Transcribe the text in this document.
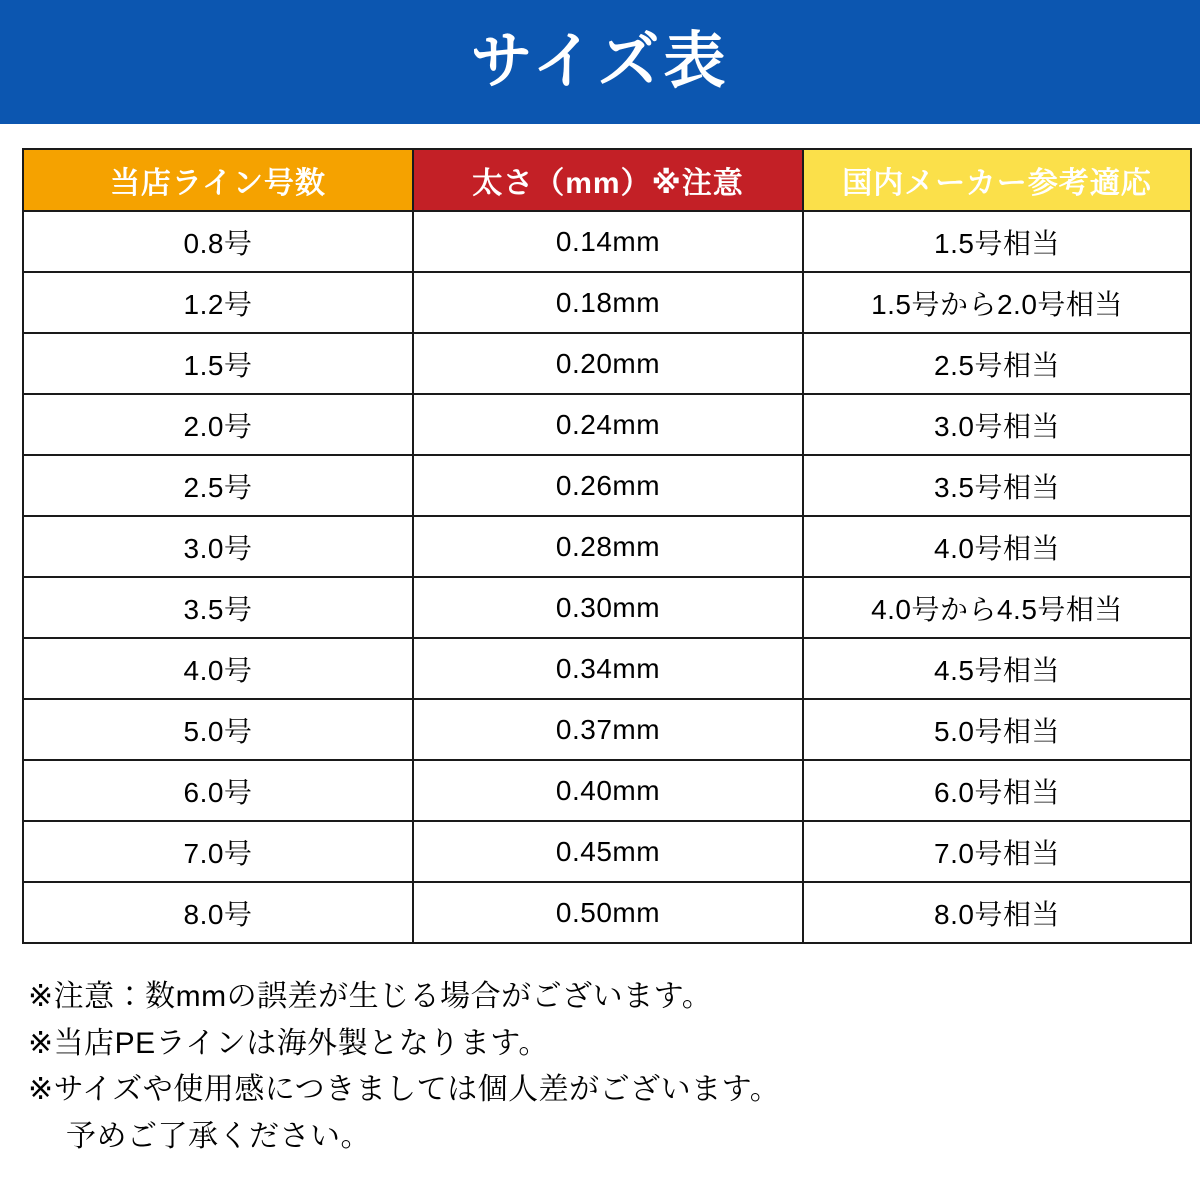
サイズ表
当店ライン号数	太さ（mm）※注意	国内メーカー参考適応
0.8号	0.14mm	1.5号相当
1.2号	0.18mm	1.5号から2.0号相当
1.5号	0.20mm	2.5号相当
2.0号	0.24mm	3.0号相当
2.5号	0.26mm	3.5号相当
3.0号	0.28mm	4.0号相当
3.5号	0.30mm	4.0号から4.5号相当
4.0号	0.34mm	4.5号相当
5.0号	0.37mm	5.0号相当
6.0号	0.40mm	6.0号相当
7.0号	0.45mm	7.0号相当
8.0号	0.50mm	8.0号相当
※注意：数mmの誤差が生じる場合がございます。
※当店PEラインは海外製となります。
※サイズや使用感につきましては個人差がございます。
予めご了承ください。
